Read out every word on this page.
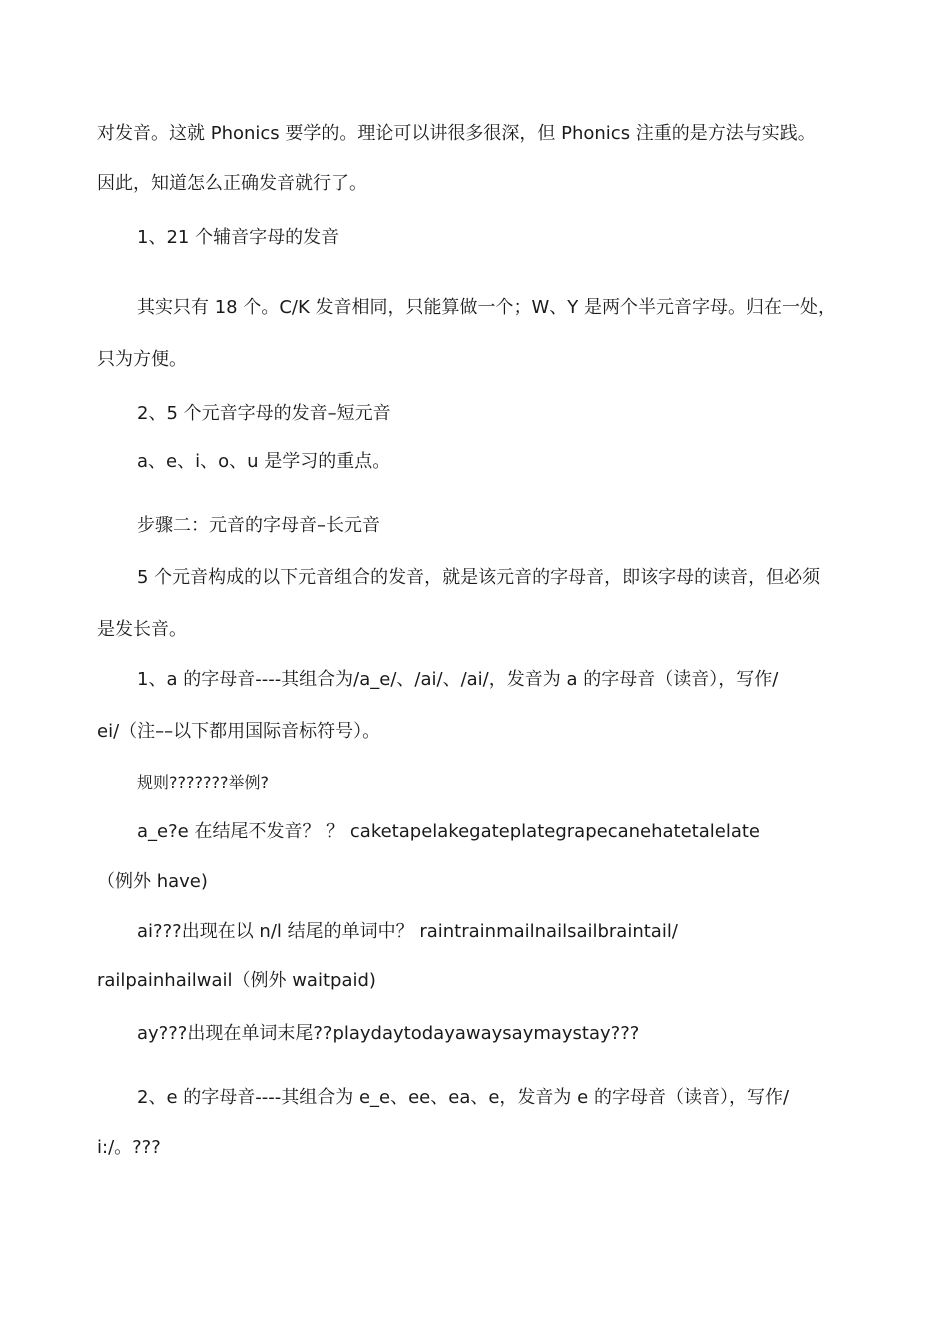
对发音。这就 Phonics 要学的。理论可以讲很多很深，但 Phonics 注重的是方法与实践。
因此，知道怎么正确发音就行了。
1、21 个辅音字母的发音
其实只有 18 个。C/K 发音相同，只能算做一个；W、Y 是两个半元音字母。归在一处，
只为方便。
2、5 个元音字母的发音–短元音
a、e、i、o、u 是学习的重点。
步骤二：元音的字母音–长元音
5 个元音构成的以下元音组合的发音，就是该元音的字母音，即该字母的读音，但必须
是发长音。
1、a 的字母音----其组合为/a_e/、/ai/、/ai/，发音为 a 的字母音（读音），写作/
ei/（注––以下都用国际音标符号）。
规则???????举例?
a_e?e 在结尾不发音？ ？ caketapelakegateplategrapecanehatetalelate
（例外 have)
ai???出现在以 n/l 结尾的单词中？ raintrainmailnailsailbraintail/
railpainhailwail（例外 waitpaid)
ay???出现在单词末尾??playdaytodayawaysaymaystay???
2、e 的字母音----其组合为 e_e、ee、ea、e，发音为 e 的字母音（读音），写作/
i:/。???
